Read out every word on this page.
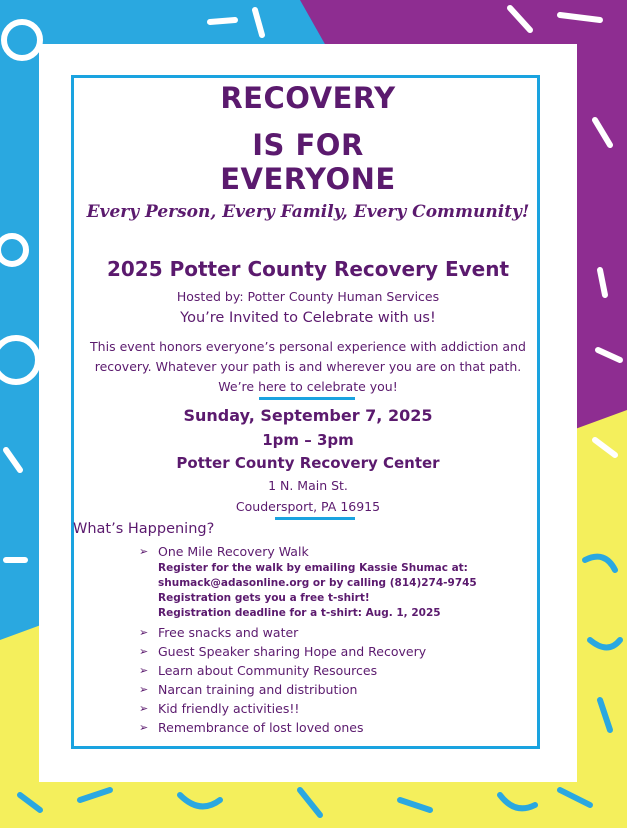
RECOVERY
IS FOR
EVERYONE
Every Person, Every Family, Every Community!
2025 Potter County Recovery Event
Hosted by: Potter County Human Services
You’re Invited to Celebrate with us!
This event honors everyone’s personal experience with addiction and
recovery. Whatever your path is and wherever you are on that path.
We’re here to celebrate you!
Sunday, September 7, 2025
1pm – 3pm
Potter County Recovery Center
1 N. Main St.
Coudersport, PA 16915
What’s Happening?
➢ One Mile Recovery Walk
Register for the walk by emailing Kassie Shumac at:
shumack@adasonline.org or by calling (814)274-9745
Registration gets you a free t-shirt!
Registration deadline for a t-shirt: Aug. 1, 2025
➢ Free snacks and water
➢ Guest Speaker sharing Hope and Recovery
➢ Learn about Community Resources
➢ Narcan training and distribution
➢ Kid friendly activities!!
➢ Remembrance of lost loved ones
